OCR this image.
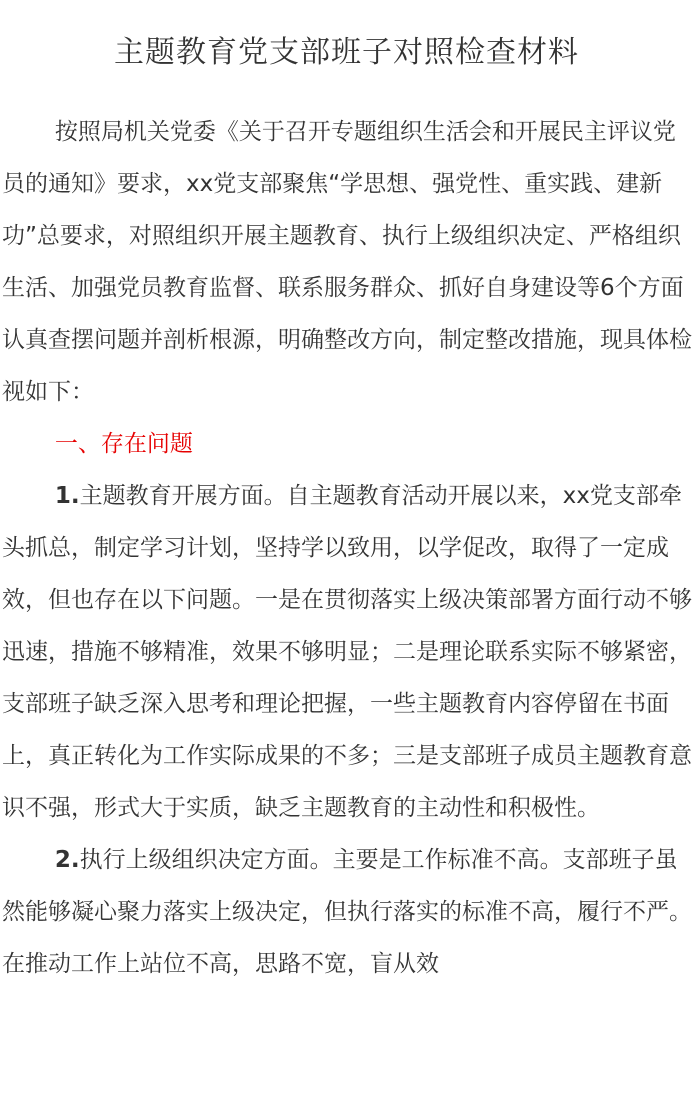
主题教育党支部班子对照检查材料

按照局机关党委《关于召开专题组织生活会和开展民主评议党员的通知》要求，xx党支部聚焦“学思想、强党性、重实践、建新功”总要求，对照组织开展主题教育、执行上级组织决定、严格组织生活、加强党员教育监督、联系服务群众、抓好自身建设等6个方面认真查摆问题并剖析根源，明确整改方向，制定整改措施，现具体检视如下：

一、存在问题

1.主题教育开展方面。自主题教育活动开展以来，xx党支部牵头抓总，制定学习计划，坚持学以致用，以学促改，取得了一定成效，但也存在以下问题。一是在贯彻落实上级决策部署方面行动不够迅速，措施不够精准，效果不够明显；二是理论联系实际不够紧密，支部班子缺乏深入思考和理论把握，一些主题教育内容停留在书面上，真正转化为工作实际成果的不多；三是支部班子成员主题教育意识不强，形式大于实质，缺乏主题教育的主动性和积极性。

2.执行上级组织决定方面。主要是工作标准不高。支部班子虽然能够凝心聚力落实上级决定，但执行落实的标准不高，履行不严。在推动工作上站位不高，思路不宽，盲从效
